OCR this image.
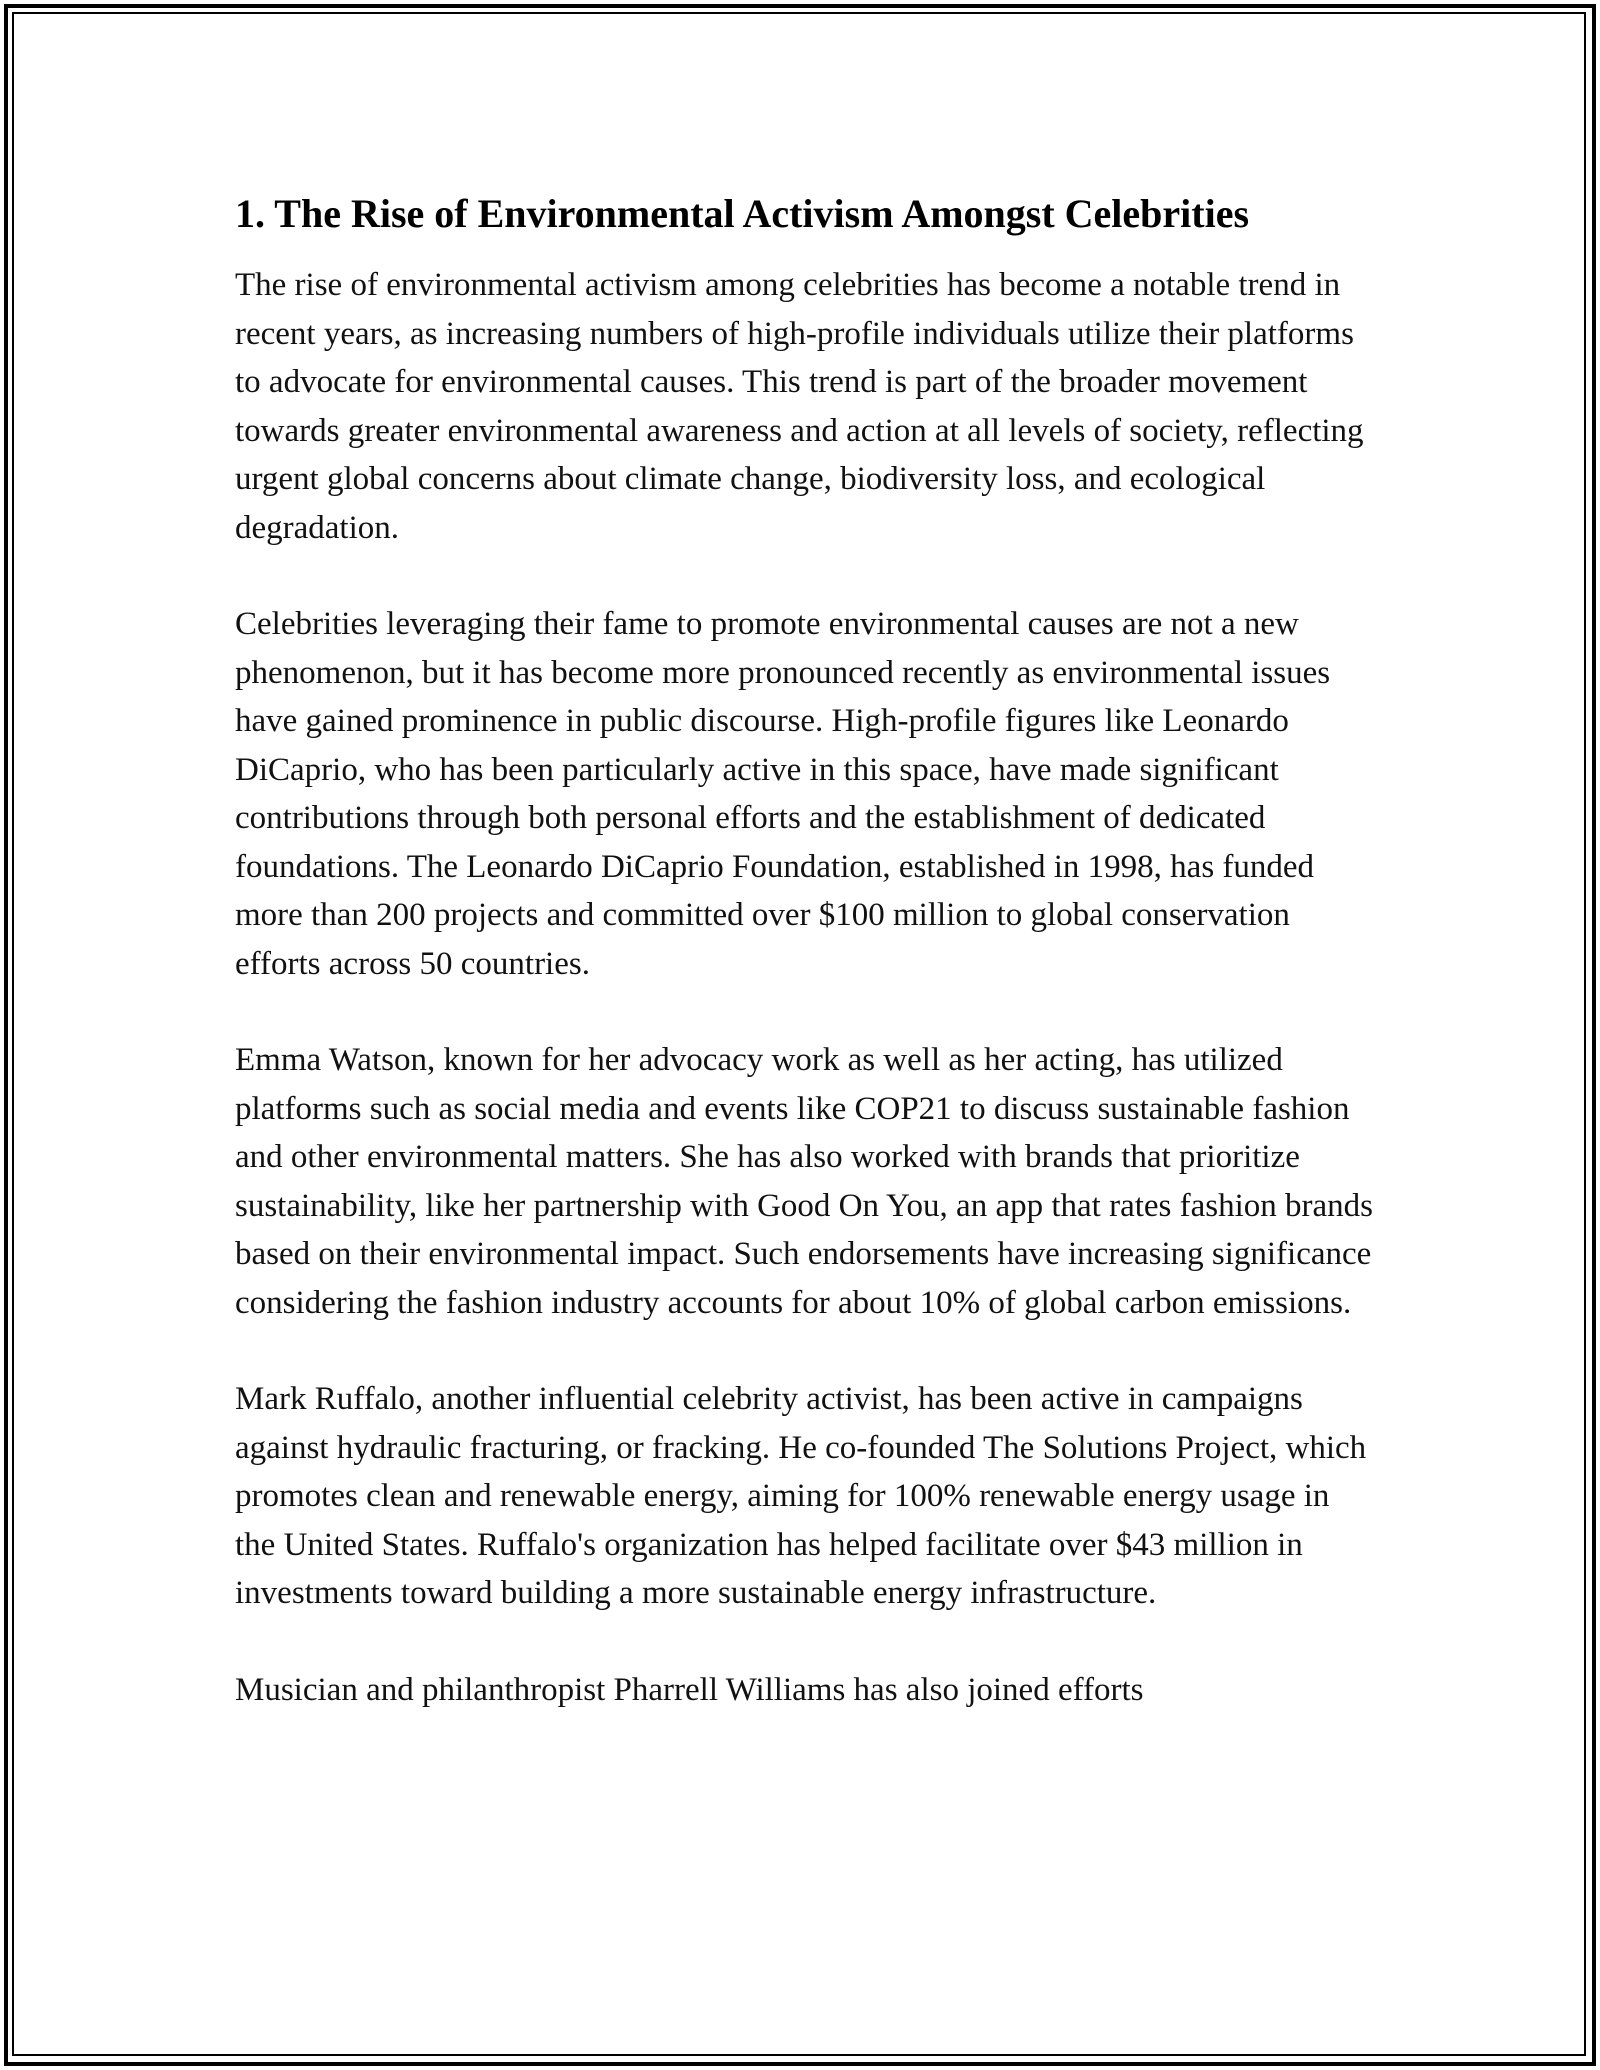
1. The Rise of Environmental Activism Amongst Celebrities

The rise of environmental activism among celebrities has become a notable trend in recent years, as increasing numbers of high-profile individuals utilize their platforms to advocate for environmental causes. This trend is part of the broader movement towards greater environmental awareness and action at all levels of society, reflecting urgent global concerns about climate change, biodiversity loss, and ecological degradation.

Celebrities leveraging their fame to promote environmental causes are not a new phenomenon, but it has become more pronounced recently as environmental issues have gained prominence in public discourse. High-profile figures like Leonardo DiCaprio, who has been particularly active in this space, have made significant contributions through both personal efforts and the establishment of dedicated foundations. The Leonardo DiCaprio Foundation, established in 1998, has funded more than 200 projects and committed over $100 million to global conservation efforts across 50 countries.

Emma Watson, known for her advocacy work as well as her acting, has utilized platforms such as social media and events like COP21 to discuss sustainable fashion and other environmental matters. She has also worked with brands that prioritize sustainability, like her partnership with Good On You, an app that rates fashion brands based on their environmental impact. Such endorsements have increasing significance considering the fashion industry accounts for about 10% of global carbon emissions.

Mark Ruffalo, another influential celebrity activist, has been active in campaigns against hydraulic fracturing, or fracking. He co-founded The Solutions Project, which promotes clean and renewable energy, aiming for 100% renewable energy usage in the United States. Ruffalo's organization has helped facilitate over $43 million in investments toward building a more sustainable energy infrastructure.

Musician and philanthropist Pharrell Williams has also joined efforts
